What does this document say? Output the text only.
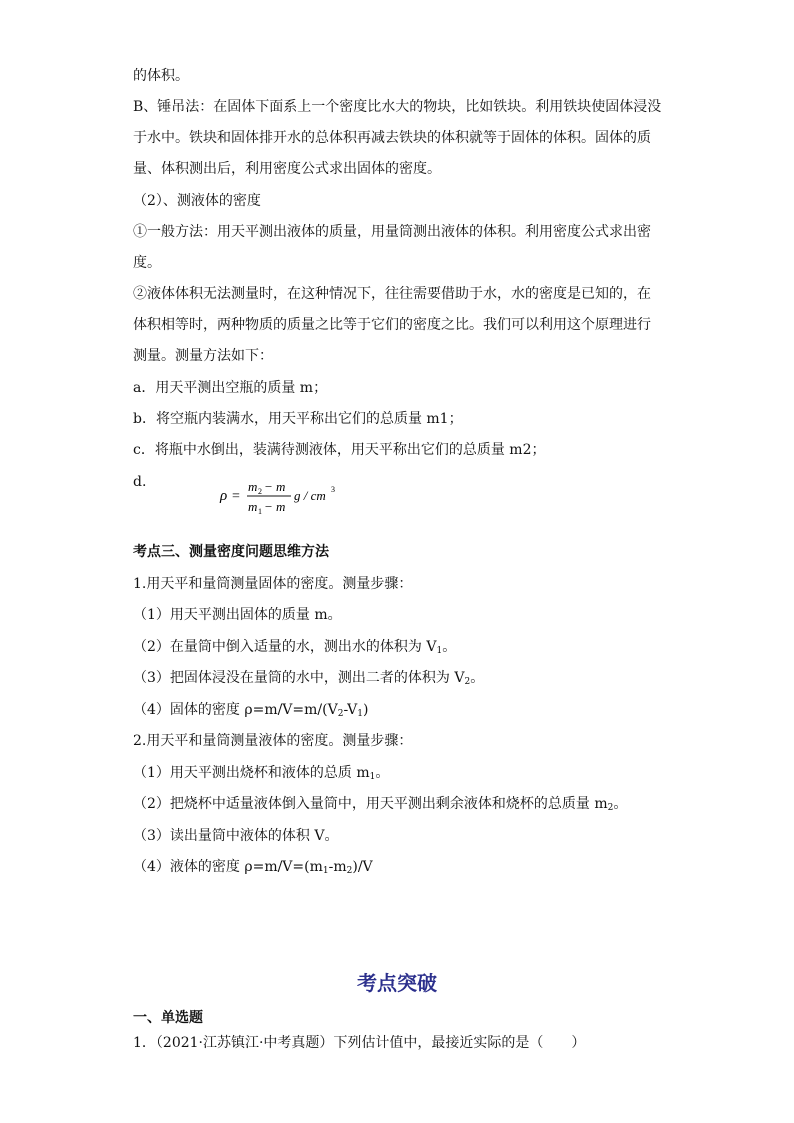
的体积。
B、锤吊法：在固体下面系上一个密度比水大的物块，比如铁块。利用铁块使固体浸没
于水中。铁块和固体排开水的总体积再减去铁块的体积就等于固体的体积。固体的质
量、体积测出后，利用密度公式求出固体的密度。
（2）、测液体的密度
①一般方法：用天平测出液体的质量，用量筒测出液体的体积。利用密度公式求出密
度。
②液体体积无法测量时，在这种情况下，往往需要借助于水，水的密度是已知的，在
体积相等时，两种物质的质量之比等于它们的密度之比。我们可以利用这个原理进行
测量。测量方法如下：
a．用天平测出空瓶的质量 m；
b．将空瓶内装满水，用天平称出它们的总质量 m1；
c．将瓶中水倒出，装满待测液体，用天平称出它们的总质量 m2；
d.
ρ =
m 2 − m
m 1 − m
g / cm 3
考点三、测量密度问题思维方法
1.用天平和量筒测量固体的密度。测量步骤：
（1）用天平测出固体的质量 m。
（2）在量筒中倒入适量的水，测出水的体积为 $V_1$。
（3）把固体浸没在量筒的水中，测出二者的体积为 $V_2$。
（4）固体的密度 $\rho=m/V=m/(V_2-V_1)$
2.用天平和量筒测量液体的密度。测量步骤：
（1）用天平测出烧杯和液体的总质 $m_1$。
（2）把烧杯中适量液体倒入量筒中，用天平测出剩余液体和烧杯的总质量 $m_2$。
（3）读出量筒中液体的体积 V。
（4）液体的密度 $\rho=m/V=(m_1-m_2)/V$
考点突破
一、单选题
1．（2021·江苏镇江·中考真题）下列估计值中，最接近实际的是（　　）
